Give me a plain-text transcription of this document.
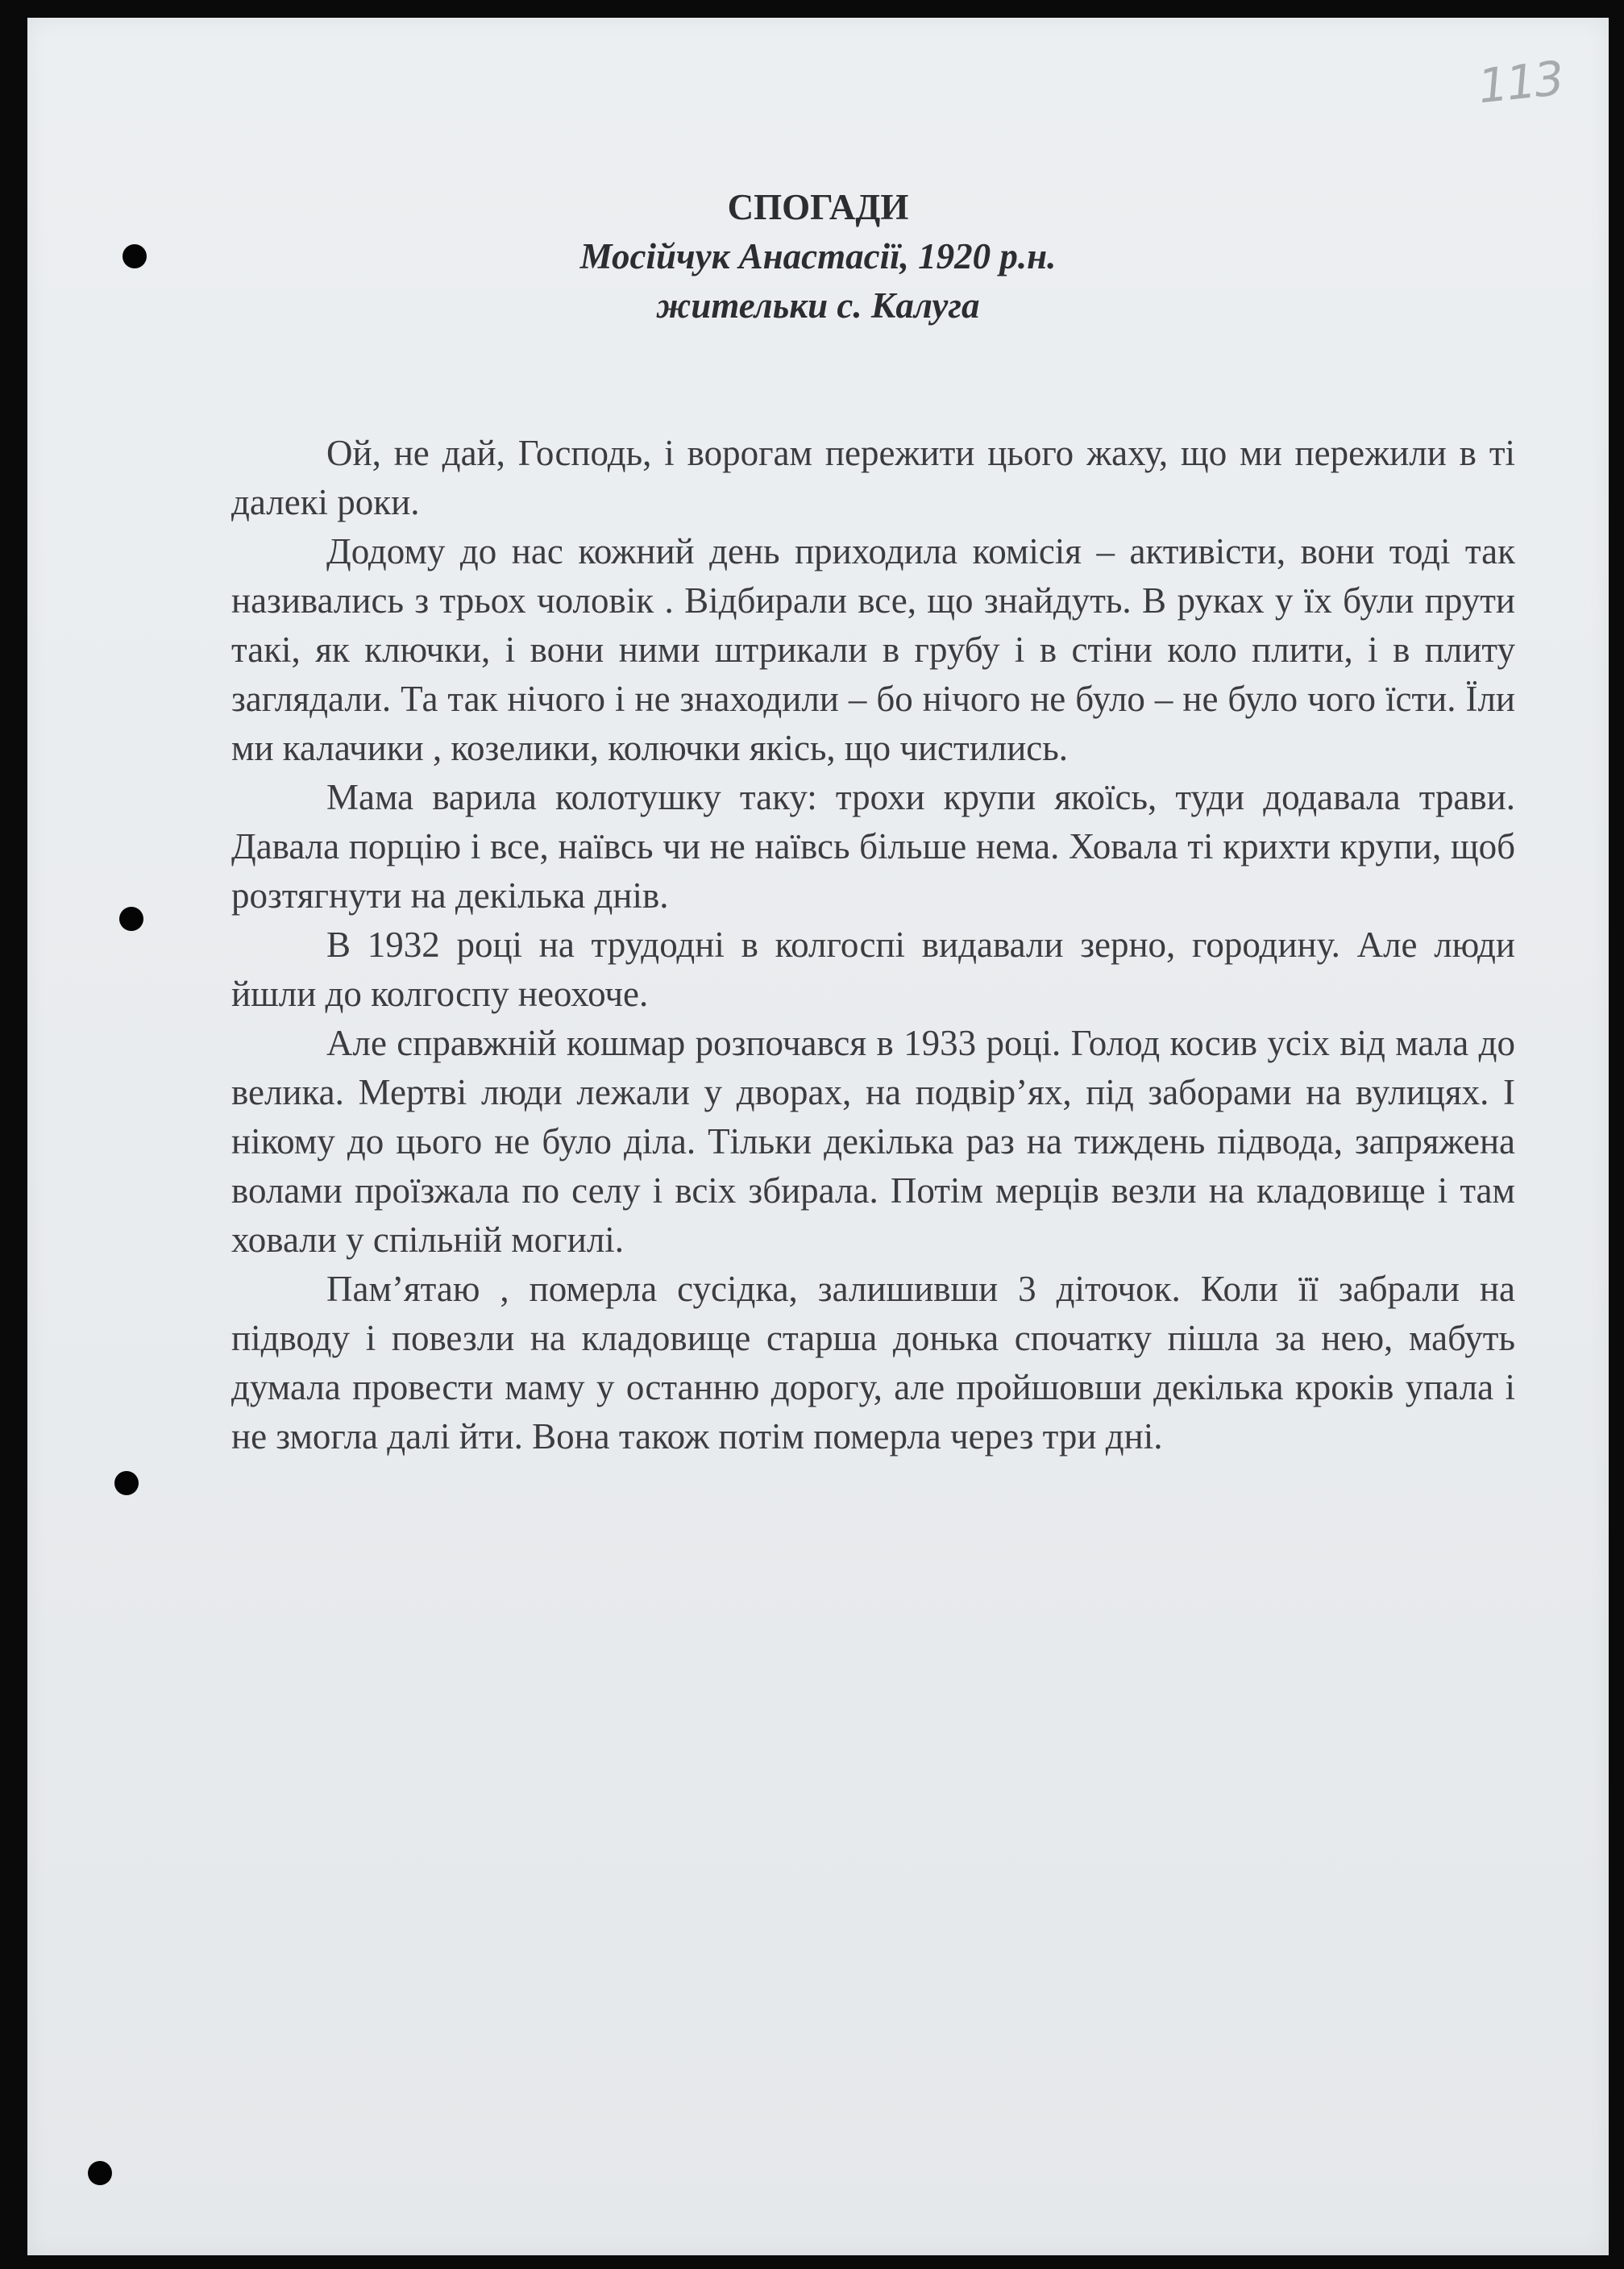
113
СПОГАДИ
Мосійчук Анастасії, 1920 р.н.
жительки с. Калуга

Ой, не дай, Господь, і ворогам пережити цього жаху, що ми пережили в ті далекі роки.

Додому до нас кожний день приходила комісія – активісти, вони тоді так називались з трьох чоловік . Відбирали все, що знайдуть. В руках у їх були прути такі, як ключки, і вони ними штрикали в грубу і в стіни коло плити, і в плиту заглядали. Та так нічого і не знаходили – бо нічого не було – не було чого їсти. Їли ми калачики , козелики, колючки якісь, що чистились.

Мама варила колотушку таку: трохи крупи якоїсь, туди додавала трави. Давала порцію і все, наївсь чи не наївсь більше нема. Ховала ті крихти крупи, щоб розтягнути на декілька днів.

В 1932 році на трудодні в колгоспі видавали зерно, городину. Але люди йшли до колгоспу неохоче.

Але справжній кошмар розпочався в 1933 році. Голод косив усіх від мала до велика. Мертві люди лежали у дворах, на подвір’ях, під заборами на вулицях. І нікому до цього не було діла. Тільки декілька раз на тиждень підвода, запряжена волами проїзжала по селу і всіх збирала. Потім мерців везли на кладовище і там ховали у спільній могилі.

Пам’ятаю , померла сусідка, залишивши 3 діточок. Коли її забрали на підводу і повезли на кладовище старша донька спочатку пішла за нею, мабуть думала провести маму у останню дорогу, але пройшовши декілька кроків упала і не змогла далі йти. Вона також потім померла через три дні.
